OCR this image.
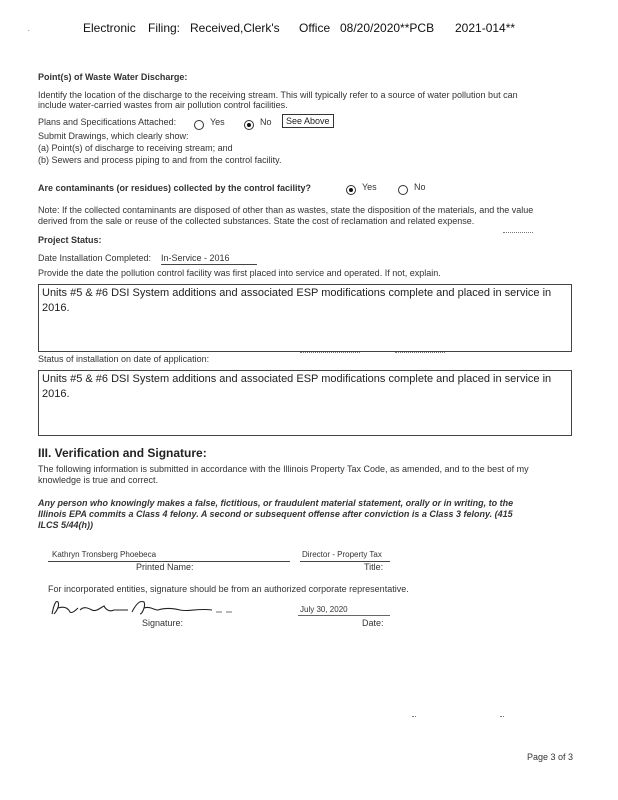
.	Electronic Filing: Received,Clerk's Office 08/20/2020**PCB 2021-014**
Point(s) of Waste Water Discharge:
Identify the location of the discharge to the receiving stream. This will typically refer to a source of water pollution but can
include water-carried wastes from air pollution control facilities.
Plans and Specifications Attached:	Yes	No	See Above
Submit Drawings, which clearly show:
(a) Point(s) of discharge to receiving stream; and
(b) Sewers and process piping to and from the control facility.
Are contaminants (or residues) collected by the control facility?	Yes	No
Note: If the collected contaminants are disposed of other than as wastes, state the disposition of the materials, and the value
derived from the sale or reuse of the collected substances. State the cost of reclamation and related expense.
Project Status:
Date Installation Completed: In-Service - 2016
Provide the date the pollution control facility was first placed into service and operated. If not, explain.
Units #5 & #6 DSI System additions and associated ESP modifications complete and placed in service in 2016.
Status of installation on date of application:
Units #5 & #6 DSI System additions and associated ESP modifications complete and placed in service in 2016.
III. Verification and Signature:
The following information is submitted in accordance with the Illinois Property Tax Code, as amended, and to the best of my
knowledge is true and correct.
Any person who knowingly makes a false, fictitious, or fraudulent material statement, orally or in writing, to the
Illinois EPA commits a Class 4 felony. A second or subsequent offense after conviction is a Class 3 felony. (415
ILCS 5/44(h))
Kathryn Tronsberg Phoebeca
Printed Name:
Director - Property Tax
Title:
For incorporated entities, signature should be from an authorized corporate representative.
July 30, 2020
Signature:	Date:
Page 3 of 3
